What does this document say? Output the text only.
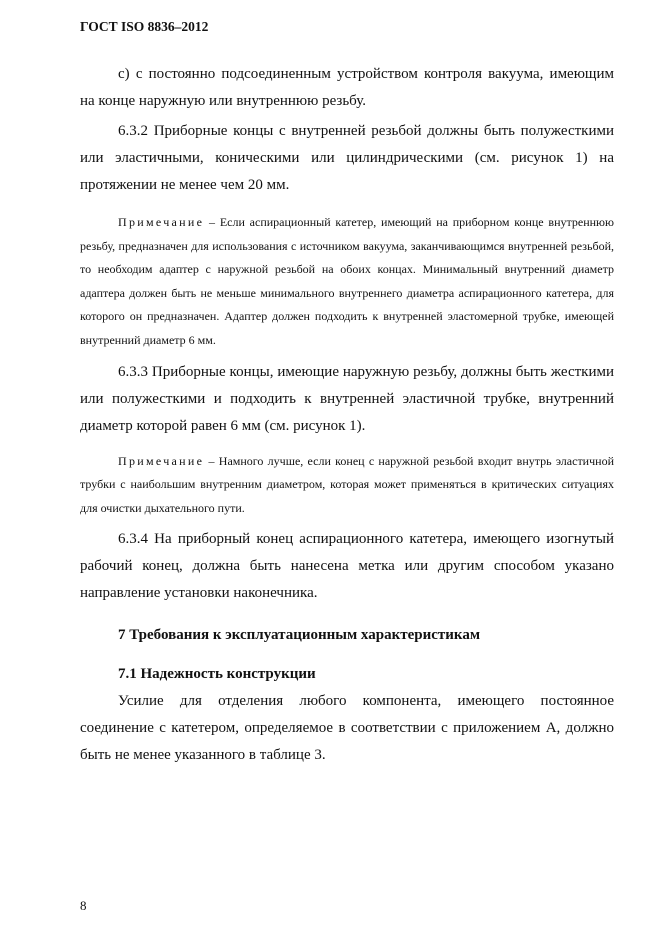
ГОСТ ISO 8836–2012

с) с постоянно подсоединенным устройством контроля вакуума, имеющим на конце наружную или внутреннюю резьбу.

6.3.2 Приборные концы с внутренней резьбой должны быть полужесткими или эластичными, коническими или цилиндрическими (см. рисунок 1) на протяжении не менее чем 20 мм.

Примечание – Если аспирационный катетер, имеющий на приборном конце внутреннюю резьбу, предназначен для использования с источником вакуума, заканчивающимся внутренней резьбой, то необходим адаптер с наружной резьбой на обоих концах. Минимальный внутренний диаметр адаптера должен быть не меньше минимального внутреннего диаметра аспирационного катетера, для которого он предназначен. Адаптер должен подходить к внутренней эластомерной трубке, имеющей внутренний диаметр 6 мм.

6.3.3 Приборные концы, имеющие наружную резьбу, должны быть жесткими или полужесткими и подходить к внутренней эластичной трубке, внутренний диаметр которой равен 6 мм (см. рисунок 1).

Примечание – Намного лучше, если конец с наружной резьбой входит внутрь эластичной трубки с наибольшим внутренним диаметром, которая может применяться в критических ситуациях для очистки дыхательного пути.

6.3.4 На приборный конец аспирационного катетера, имеющего изогнутый рабочий конец, должна быть нанесена метка или другим способом указано направление установки наконечника.

7 Требования к эксплуатационным характеристикам

7.1 Надежность конструкции

Усилие для отделения любого компонента, имеющего постоянное соединение с катетером, определяемое в соответствии с приложением А, должно быть не менее указанного в таблице 3.

8
